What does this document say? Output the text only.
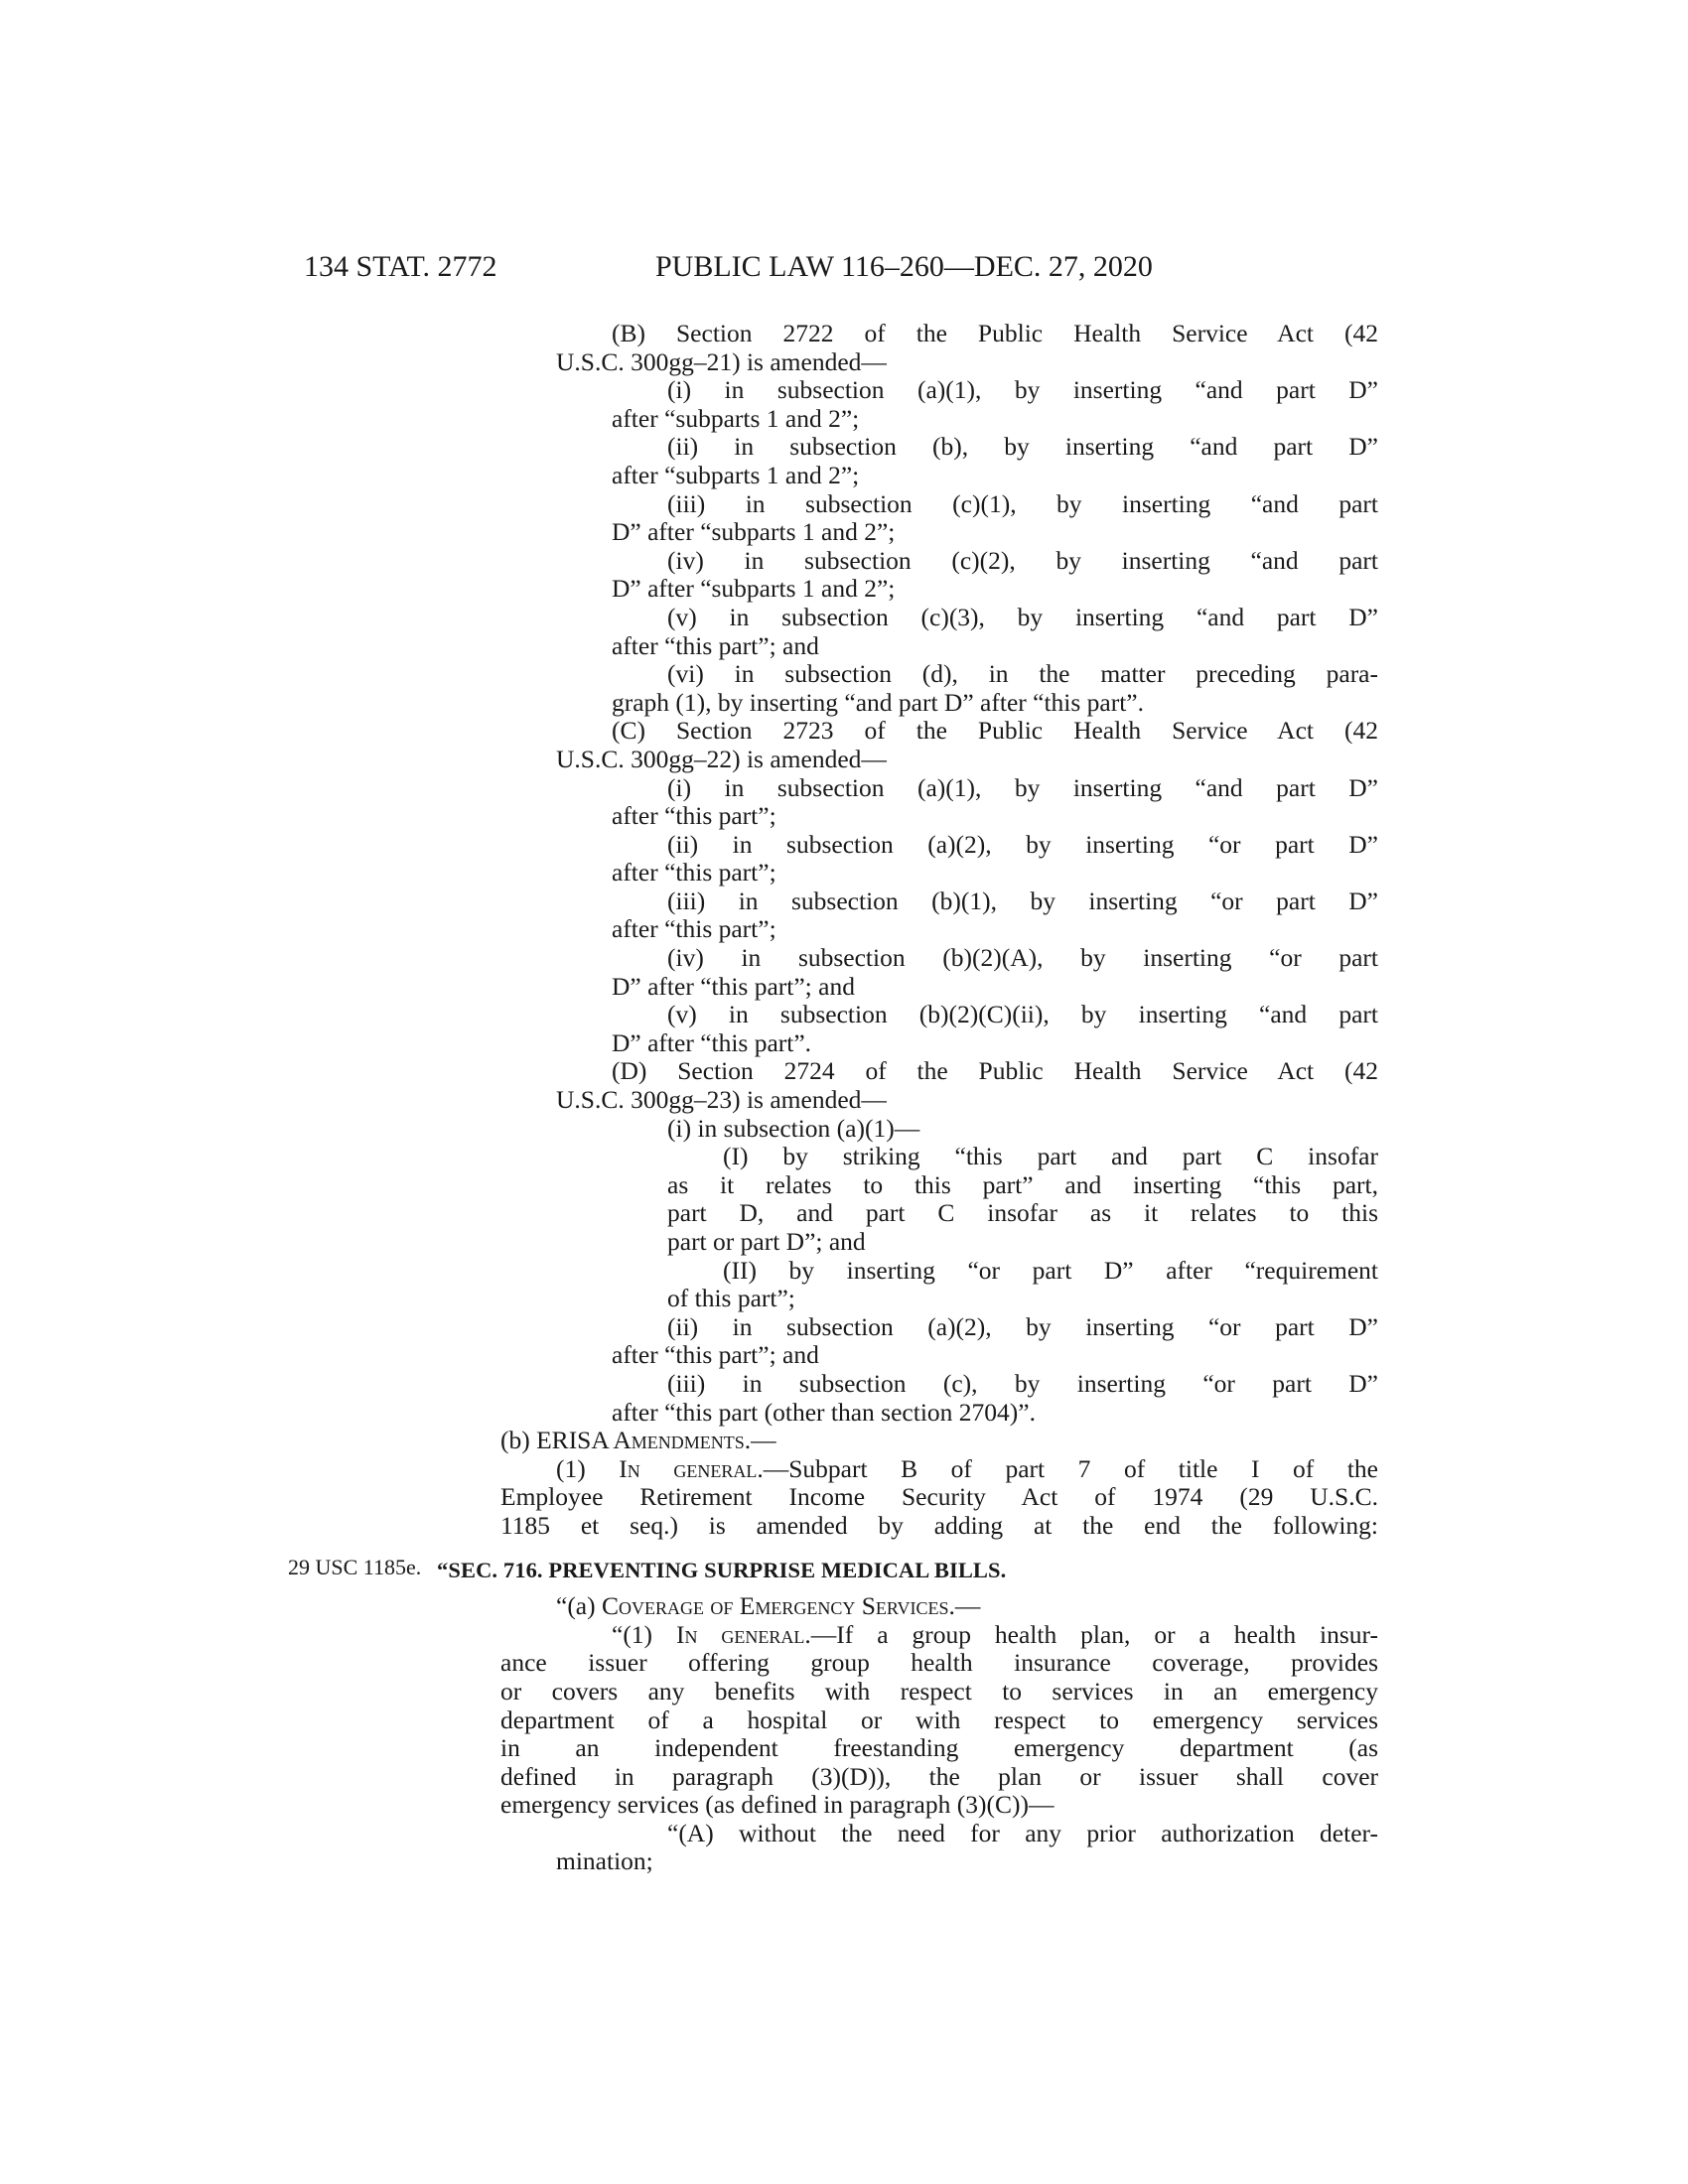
134 STAT. 2772	PUBLIC LAW 116–260—DEC. 27, 2020
29 USC 1185e.
(B) Section 2722 of the Public Health Service Act (42
U.S.C. 300gg–21) is amended—
(i) in subsection (a)(1), by inserting “and part D”
after “subparts 1 and 2”;
(ii) in subsection (b), by inserting “and part D”
after “subparts 1 and 2”;
(iii) in subsection (c)(1), by inserting “and part
D” after “subparts 1 and 2”;
(iv) in subsection (c)(2), by inserting “and part
D” after “subparts 1 and 2”;
(v) in subsection (c)(3), by inserting “and part D”
after “this part”; and
(vi) in subsection (d), in the matter preceding para-
graph (1), by inserting “and part D” after “this part”.
(C) Section 2723 of the Public Health Service Act (42
U.S.C. 300gg–22) is amended—
(i) in subsection (a)(1), by inserting “and part D”
after “this part”;
(ii) in subsection (a)(2), by inserting “or part D”
after “this part”;
(iii) in subsection (b)(1), by inserting “or part D”
after “this part”;
(iv) in subsection (b)(2)(A), by inserting “or part
D” after “this part”; and
(v) in subsection (b)(2)(C)(ii), by inserting “and part
D” after “this part”.
(D) Section 2724 of the Public Health Service Act (42
U.S.C. 300gg–23) is amended—
(i) in subsection (a)(1)—
(I) by striking “this part and part C insofar
as it relates to this part” and inserting “this part,
part D, and part C insofar as it relates to this
part or part D”; and
(II) by inserting “or part D” after “requirement
of this part”;
(ii) in subsection (a)(2), by inserting “or part D”
after “this part”; and
(iii) in subsection (c), by inserting “or part D”
after “this part (other than section 2704)”.
(b) ERISA Amendments.—
(1) In general.—Subpart B of part 7 of title I of the
Employee Retirement Income Security Act of 1974 (29 U.S.C.
1185 et seq.) is amended by adding at the end the following:
“SEC. 716. PREVENTING SURPRISE MEDICAL BILLS.
“(a) Coverage of Emergency Services.—
“(1) In general.—If a group health plan, or a health insur-
ance issuer offering group health insurance coverage, provides
or covers any benefits with respect to services in an emergency
department of a hospital or with respect to emergency services
in an independent freestanding emergency department (as
defined in paragraph (3)(D)), the plan or issuer shall cover
emergency services (as defined in paragraph (3)(C))—
“(A) without the need for any prior authorization deter-
mination;
